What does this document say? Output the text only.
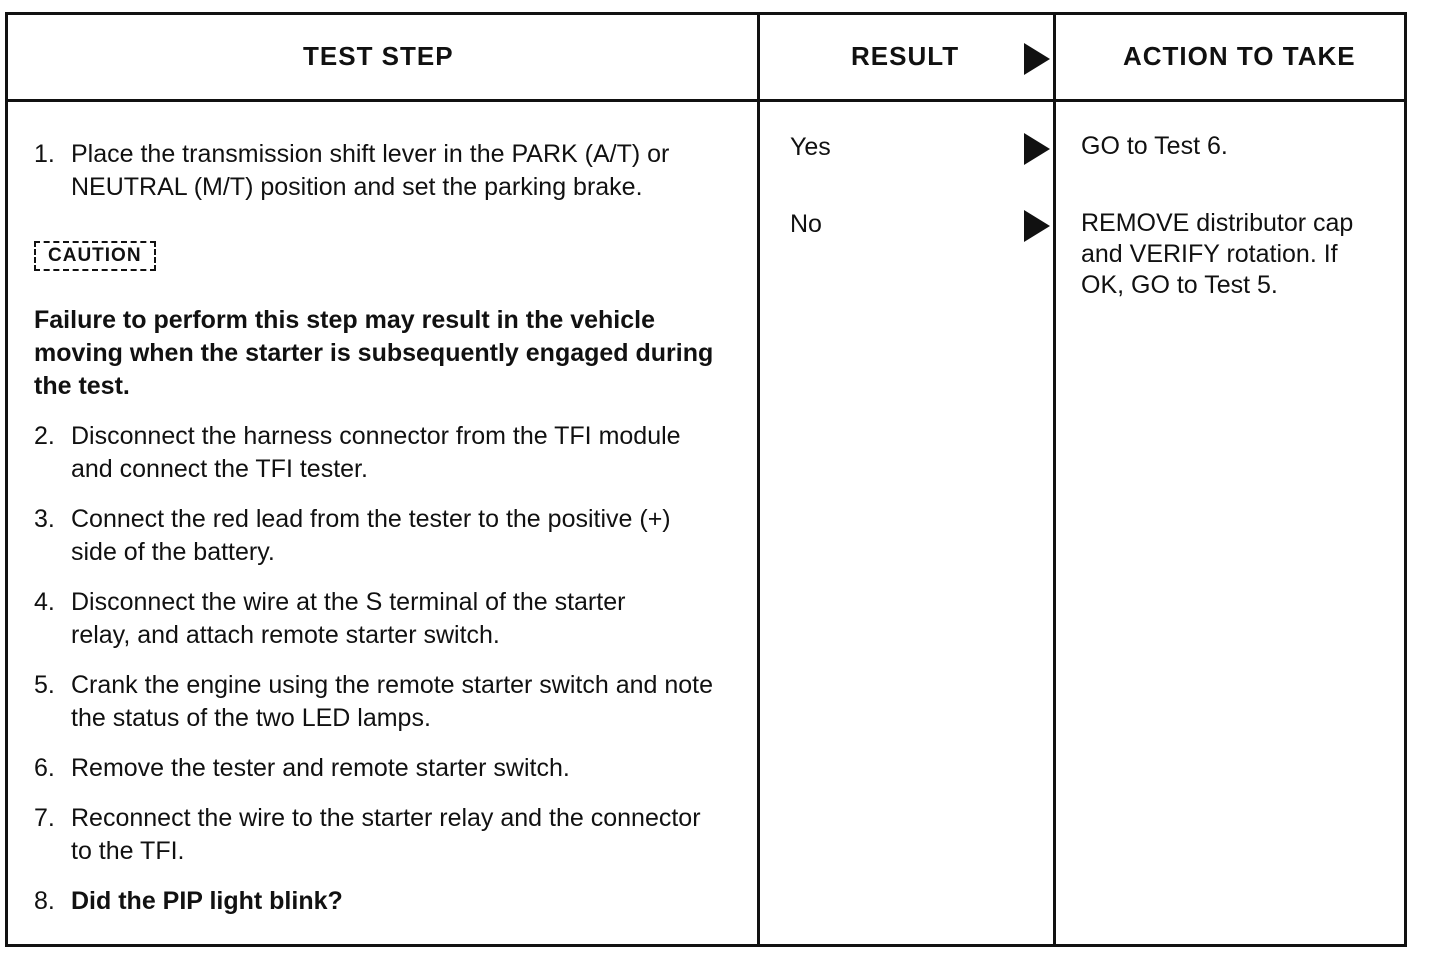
TEST STEP	RESULT	ACTION TO TAKE
1. Place the transmission shift lever in the PARK (A/T) or NEUTRAL (M/T) position and set the parking brake.
CAUTION
Failure to perform this step may result in the vehicle moving when the starter is subsequently engaged during the test.
2. Disconnect the harness connector from the TFI module and connect the TFI tester.
3. Connect the red lead from the tester to the positive (+) side of the battery.
4. Disconnect the wire at the S terminal of the starter relay, and attach remote starter switch.
5. Crank the engine using the remote starter switch and note the status of the two LED lamps.
6. Remove the tester and remote starter switch.
7. Reconnect the wire to the starter relay and the connector to the TFI.
8. Did the PIP light blink?
Yes	GO to Test 6.
No	REMOVE distributor cap and VERIFY rotation. If OK, GO to Test 5.
